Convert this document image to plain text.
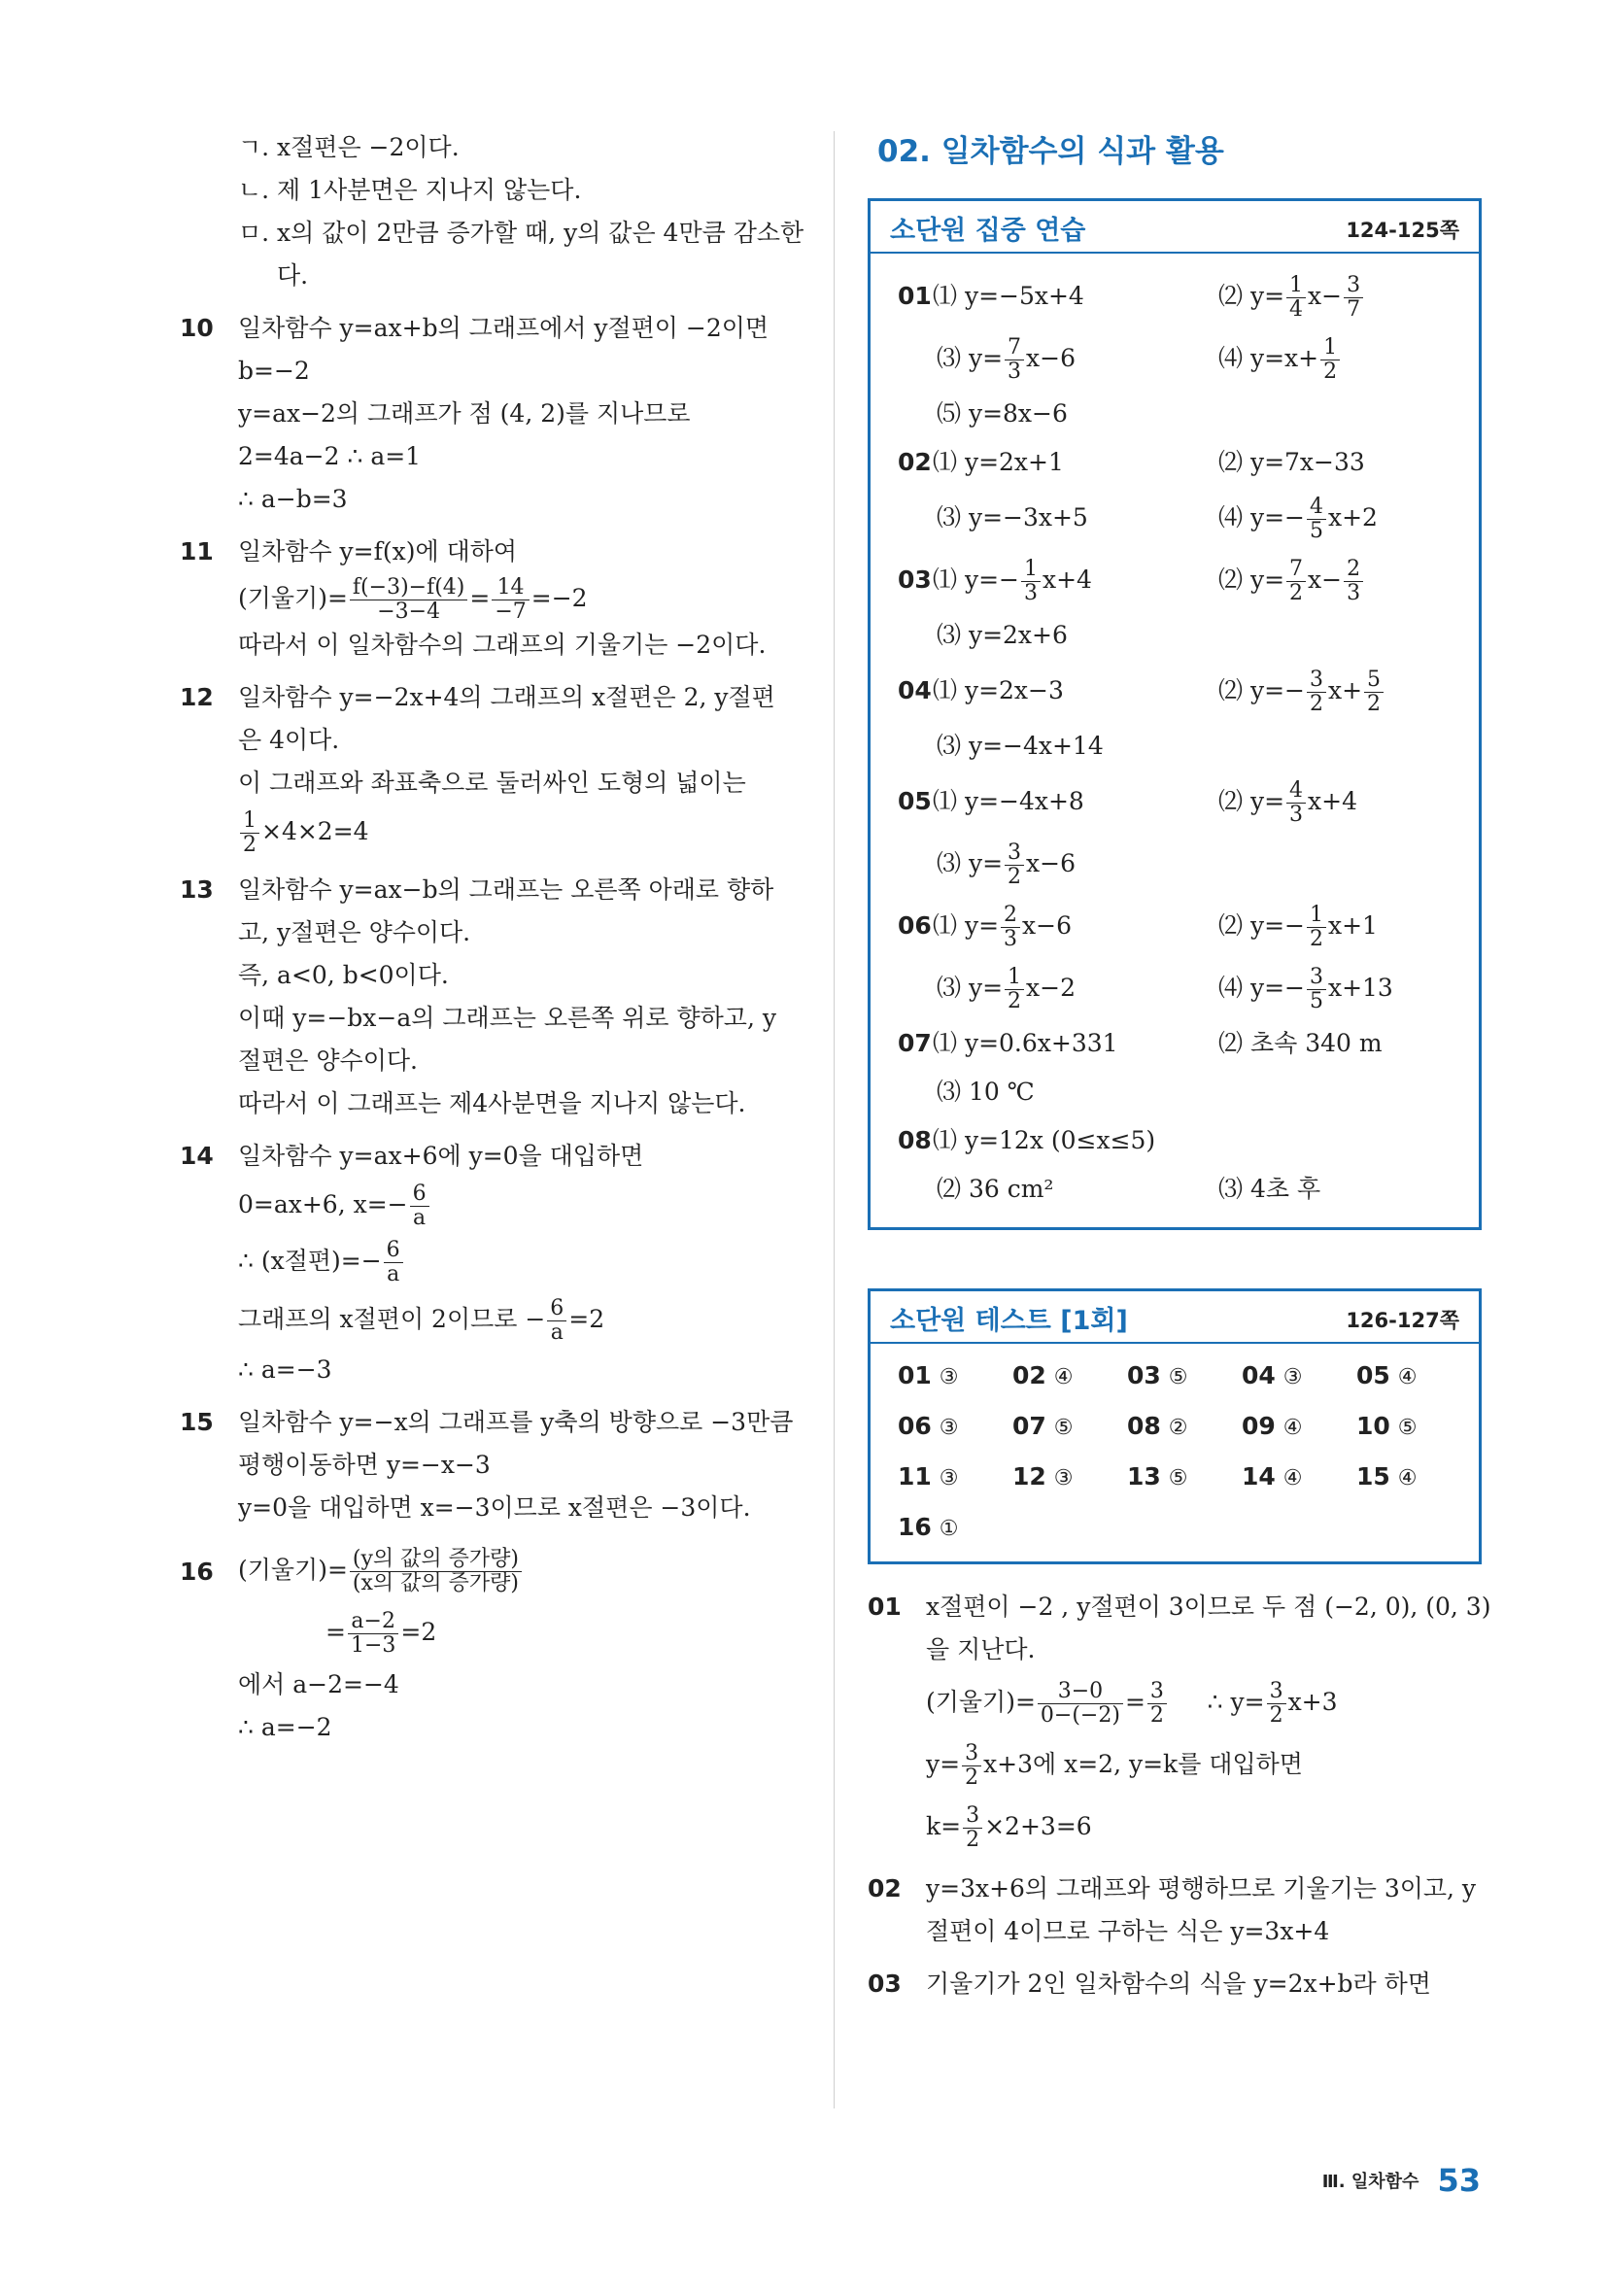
ㄱ. x절편은 −2이다.
ㄴ. 제 1사분면은 지나지 않는다.
ㅁ. x의 값이 2만큼 증가할 때, y의 값은 4만큼 감소한
다.
10 일차함수 y=ax+b의 그래프에서 y절편이 −2이면
b=−2
y=ax−2의 그래프가 점 (4, 2)를 지나므로
2=4a−2 ∴ a=1
∴ a−b=3
11 일차함수 y=f(x)에 대하여
(기울기)= $\frac{f(-3)-f(4)}{-3-4} = \frac{14}{-7} =-2$
따라서 이 일차함수의 그래프의 기울기는 −2이다.
12 일차함수 y=−2x+4의 그래프의 x절편은 2, y절편
은 4이다.
이 그래프와 좌표축으로 둘러싸인 도형의 넓이는
$\frac{1}{2} \times 4\times 2=4$
13 일차함수 y=ax−b의 그래프는 오른쪽 아래로 향하
고, y절편은 양수이다.
즉, a<0, b<0이다.
이때 y=−bx−a의 그래프는 오른쪽 위로 향하고, y
절편은 양수이다.
따라서 이 그래프는 제4사분면을 지나지 않는다.
14 일차함수 y=ax+6에 y=0을 대입하면
0=ax+6, $x=- \frac{6}{a}$
∴ (x절편)=− $\frac{6}{a}$
그래프의 x절편이 2이므로 − $\frac{6}{a} =2$
∴ a=−3
15 일차함수 y=−x의 그래프를 y축의 방향으로 −3만큼
평행이동하면 y=−x−3
y=0을 대입하면 x=−3이므로 x절편은 −3이다.
16 (기울기)= $\frac{\text{(y의 값의 증가량)}}{\text{(x의 값의 증가량)}}$
= $\frac{a-2}{1-3} =2$
에서 a−2=−4
∴ a=−2
02. 일차함수의 식과 활용
소단원 집중 연습	124-125쪽
01 ⑴ y=−5x+4	⑵ $y= \frac{1}{4} x- \frac{3}{7}$
⑶ $y= \frac{7}{3} x-6$	⑷ $y=x+ \frac{1}{2}$
⑸ y=8x−6
02 ⑴ y=2x+1	⑵ y=7x−33
⑶ y=−3x+5	⑷ $y=- \frac{4}{5} x+2$
03 ⑴ $y=- \frac{1}{3} x+4$	⑵ $y= \frac{7}{2} x- \frac{2}{3}$
⑶ y=2x+6
04 ⑴ y=2x−3	⑵ $y=- \frac{3}{2} x+ \frac{5}{2}$
⑶ y=−4x+14
05 ⑴ y=−4x+8	⑵ $y= \frac{4}{3} x+4$
⑶ $y= \frac{3}{2} x-6$
06 ⑴ $y= \frac{2}{3} x-6$	⑵ $y=- \frac{1}{2} x+1$
⑶ $y= \frac{1}{2} x-2$	⑷ $y=- \frac{3}{5} x+13$
07 ⑴ y=0.6x+331	⑵ 초속 340 m
⑶ 10 ℃
08 ⑴ y=12x (0≤x≤5)
⑵ 36 cm²	⑶ 4초 후
소단원 테스트 [1회]	126-127쪽
01 ③	02 ④	03 ⑤	04 ③	05 ④
06 ③	07 ⑤	08 ②	09 ④	10 ⑤
11 ③	12 ③	13 ⑤	14 ④	15 ④
16 ①
01 x절편이 −2 , y절편이 3이므로 두 점 (−2, 0), (0, 3)
을 지난다.
(기울기)= $\frac{3-0}{0-(-2)} = \frac{3}{2}$ ∴ $y= \frac{3}{2} x+3$
$y= \frac{3}{2} x+3$에 x=2, y=k를 대입하면
$k= \frac{3}{2} \times 2+3=6$
02 y=3x+6의 그래프와 평행하므로 기울기는 3이고, y
절편이 4이므로 구하는 식은 y=3x+4
03 기울기가 2인 일차함수의 식을 y=2x+b라 하면
Ⅲ. 일차함수 53
